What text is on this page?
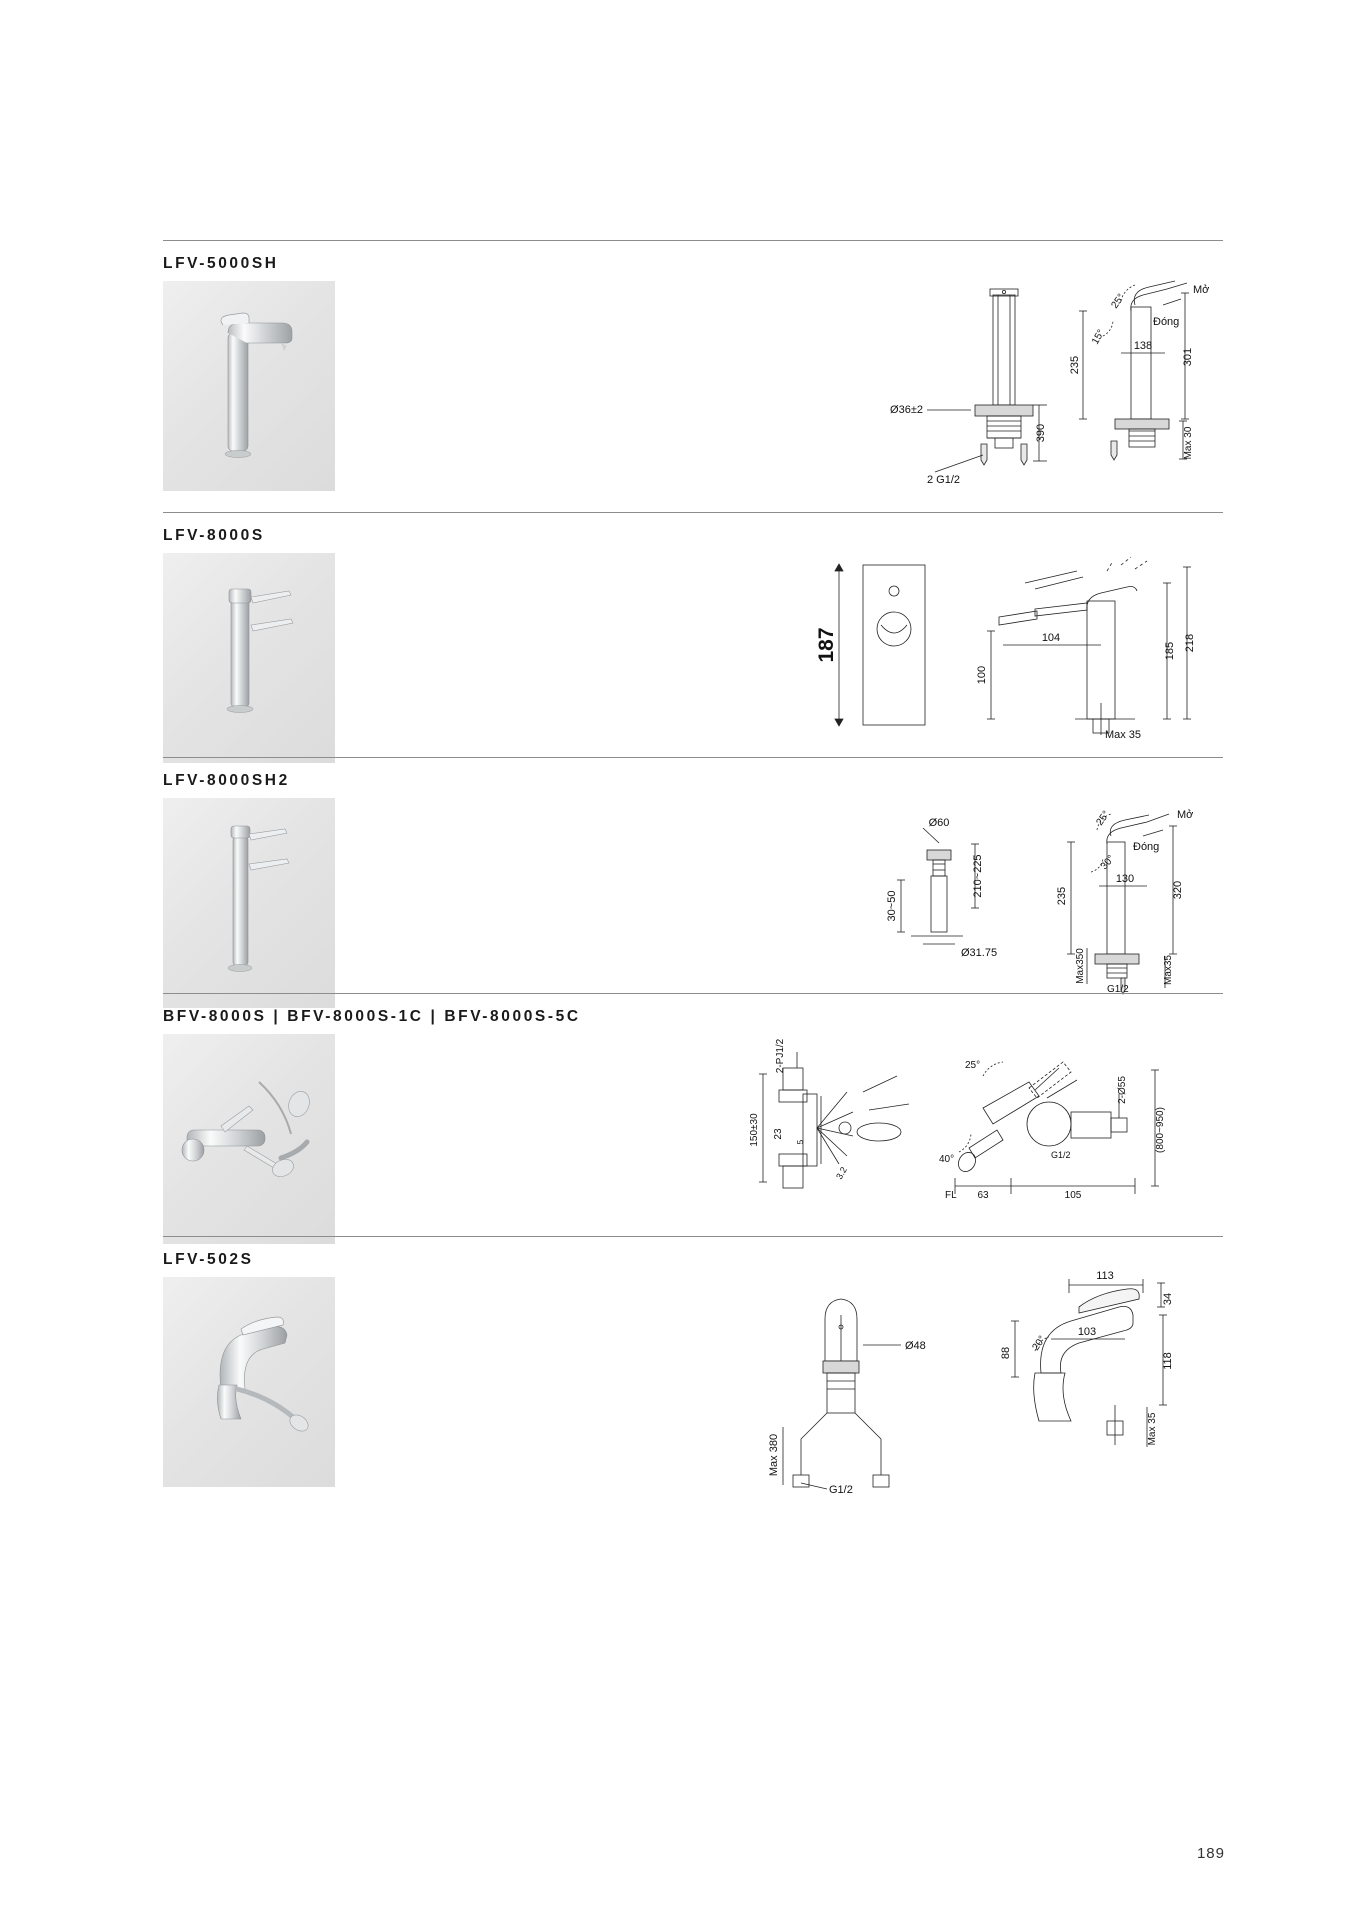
LFV-5000SH
Ø36±2
390
2 G1/2
25°
Mở
Đóng
15°
235
138
301
Max 30
LFV-8000S
187
100
104
185 218
Max 35
LFV-8000SH2
Ø60
210~225
30~50
Ø31.75
25°	Mở
Đóng
30°
235
130
320
Max350	Max35
G1/2
BFV-8000S | BFV-8000S-1C | BFV-8000S-5C
2-PJ1/2
150±30 23
5
3.2
25°
40°
FL 63	105
G1/2
2-Ø55
(800~950)
LFV-502S
Ø48
Max 380
G1/2
113
34
88
20°
103
118
Max 35
189
